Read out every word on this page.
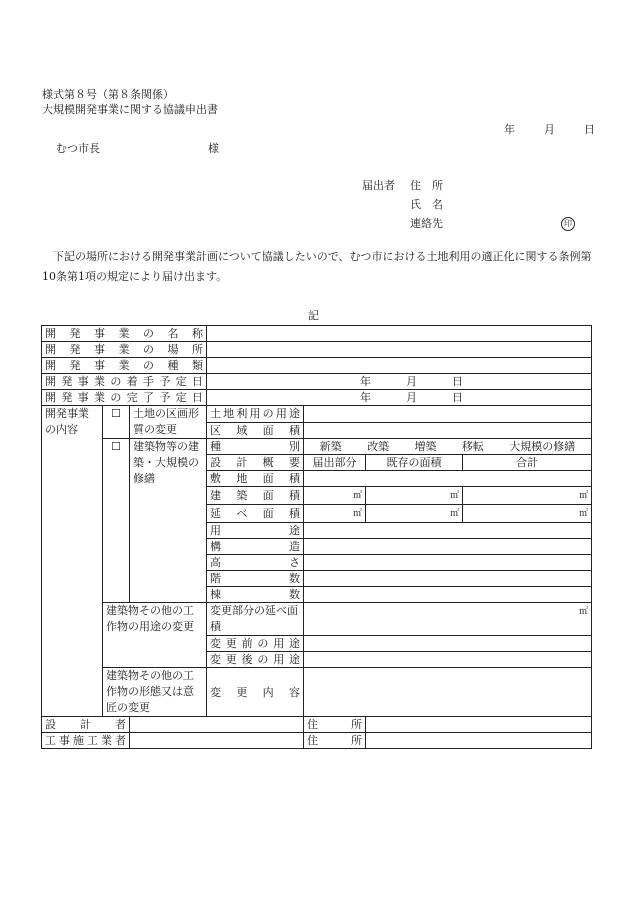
様式第８号（第８条関係）
大規模開発事業に関する協議申出書
年	月	日
むつ市長	様
届出者 住　所
氏　名
連絡先	印
下記の場所における開発事業計画について協議したいので、むつ市における土地利用の適正化に関する条例第10条第1項の規定により届け出ます。
記
開発事業の名称						
開発事業の場所						
開発事業の種類						
開発事業の着手予定日			年 月 日			

開発事業の完了予定日			年 月 日			

開発事業の内容	☐	土地の区画形質の変更	土地利用の用途			
			区域面積			
	☐	建築物等の建築・大規模の修繕	種別	新築 改築 増築 移転 大規模の修繕		

			設計概要	届出部分	既存の面積	合計
			敷地面積			
			建築面積	㎡	㎡	㎡
			延べ面積	㎡	㎡	㎡
			用途			
			構造			
			高さ			
			階数			
			棟数			
	建築物その他の工作物の用途の変更		変更部分の延べ面積	㎡		

			変更前の用途			
			変更後の用途			
	建築物その他の工作物の形態又は意匠の変更		変更内容			

設計者				住所		
工事施工業者				住所		
